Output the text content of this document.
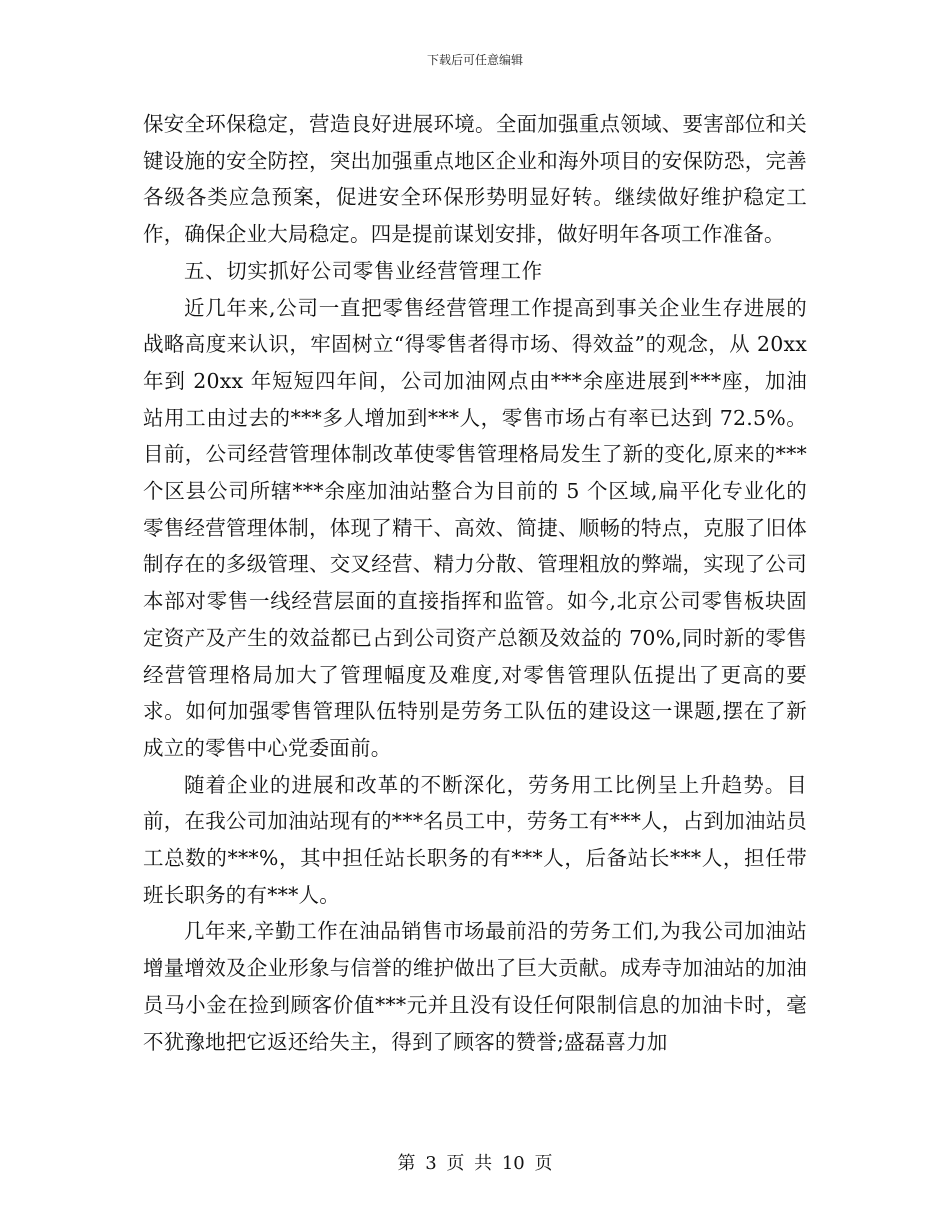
下载后可任意编辑

保安全环保稳定，营造良好进展环境。全面加强重点领域、要害部位和关键设施的安全防控，突出加强重点地区企业和海外项目的安保防恐，完善各级各类应急预案，促进安全环保形势明显好转。继续做好维护稳定工作，确保企业大局稳定。四是提前谋划安排，做好明年各项工作准备。

五、切实抓好公司零售业经营管理工作

近几年来,公司一直把零售经营管理工作提高到事关企业生存进展的战略高度来认识，牢固树立“得零售者得市场、得效益”的观念，从 20xx 年到 20xx 年短短四年间，公司加油网点由***余座进展到***座，加油站用工由过去的***多人增加到***人，零售市场占有率已达到 72.5%。目前，公司经营管理体制改革使零售管理格局发生了新的变化,原来的***个区县公司所辖***余座加油站整合为目前的 5 个区域,扁平化专业化的零售经营管理体制，体现了精干、高效、简捷、顺畅的特点，克服了旧体制存在的多级管理、交叉经营、精力分散、管理粗放的弊端，实现了公司本部对零售一线经营层面的直接指挥和监管。如今,北京公司零售板块固定资产及产生的效益都已占到公司资产总额及效益的 70%,同时新的零售经营管理格局加大了管理幅度及难度,对零售管理队伍提出了更高的要求。如何加强零售管理队伍特别是劳务工队伍的建设这一课题,摆在了新成立的零售中心党委面前。

随着企业的进展和改革的不断深化，劳务用工比例呈上升趋势。目前，在我公司加油站现有的***名员工中，劳务工有***人，占到加油站员工总数的***%，其中担任站长职务的有***人，后备站长***人，担任带班长职务的有***人。

几年来,辛勤工作在油品销售市场最前沿的劳务工们,为我公司加油站增量增效及企业形象与信誉的维护做出了巨大贡献。成寿寺加油站的加油员马小金在捡到顾客价值***元并且没有设任何限制信息的加油卡时，毫不犹豫地把它返还给失主，得到了顾客的赞誉;盛磊喜力加

第 3 页 共 10 页
